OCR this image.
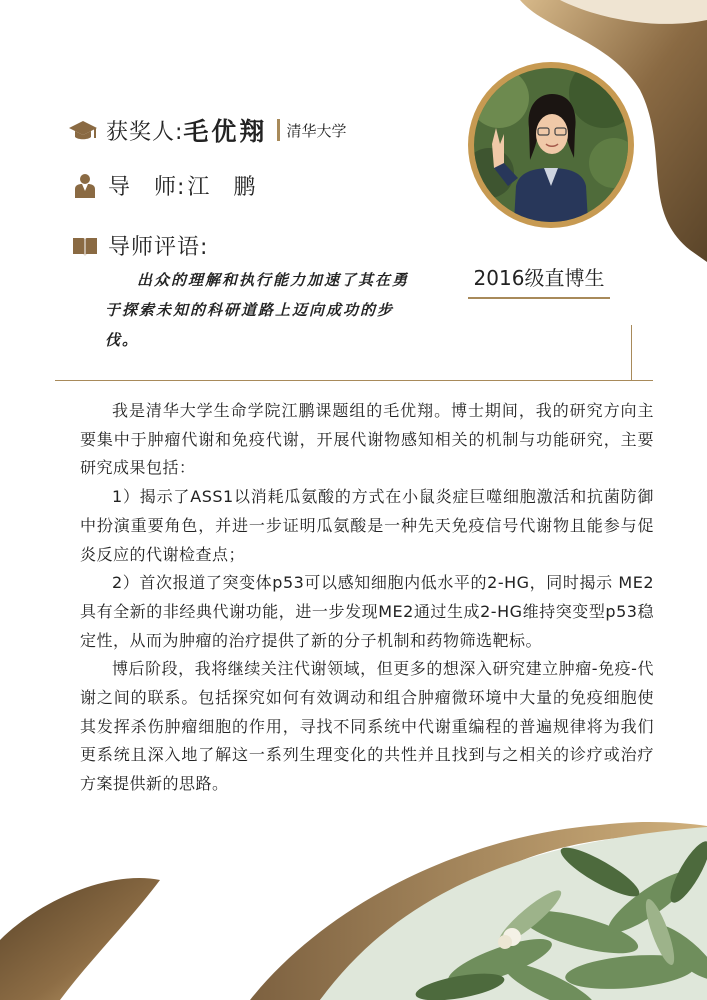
获奖人: 毛优翔 清华大学
导　师: 江　鹏
导师评语:
出众的理解和执行能力加速了其在勇于探索未知的科研道路上迈向成功的步伐。
2016级直博生

我是清华大学生命学院江鹏课题组的毛优翔。博士期间，我的研究方向主要集中于肿瘤代谢和免疫代谢，开展代谢物感知相关的机制与功能研究，主要研究成果包括：

1）揭示了ASS1以消耗瓜氨酸的方式在小鼠炎症巨噬细胞激活和抗菌防御中扮演重要角色，并进一步证明瓜氨酸是一种先天免疫信号代谢物且能参与促炎反应的代谢检查点；

2）首次报道了突变体p53可以感知细胞内低水平的2-HG，同时揭示 ME2具有全新的非经典代谢功能，进一步发现ME2通过生成2-HG维持突变型p53稳定性，从而为肿瘤的治疗提供了新的分子机制和药物筛选靶标。

博后阶段，我将继续关注代谢领域，但更多的想深入研究建立肿瘤-免疫-代谢之间的联系。包括探究如何有效调动和组合肿瘤微环境中大量的免疫细胞使其发挥杀伤肿瘤细胞的作用，寻找不同系统中代谢重编程的普遍规律将为我们更系统且深入地了解这一系列生理变化的共性并且找到与之相关的诊疗或治疗方案提供新的思路。
